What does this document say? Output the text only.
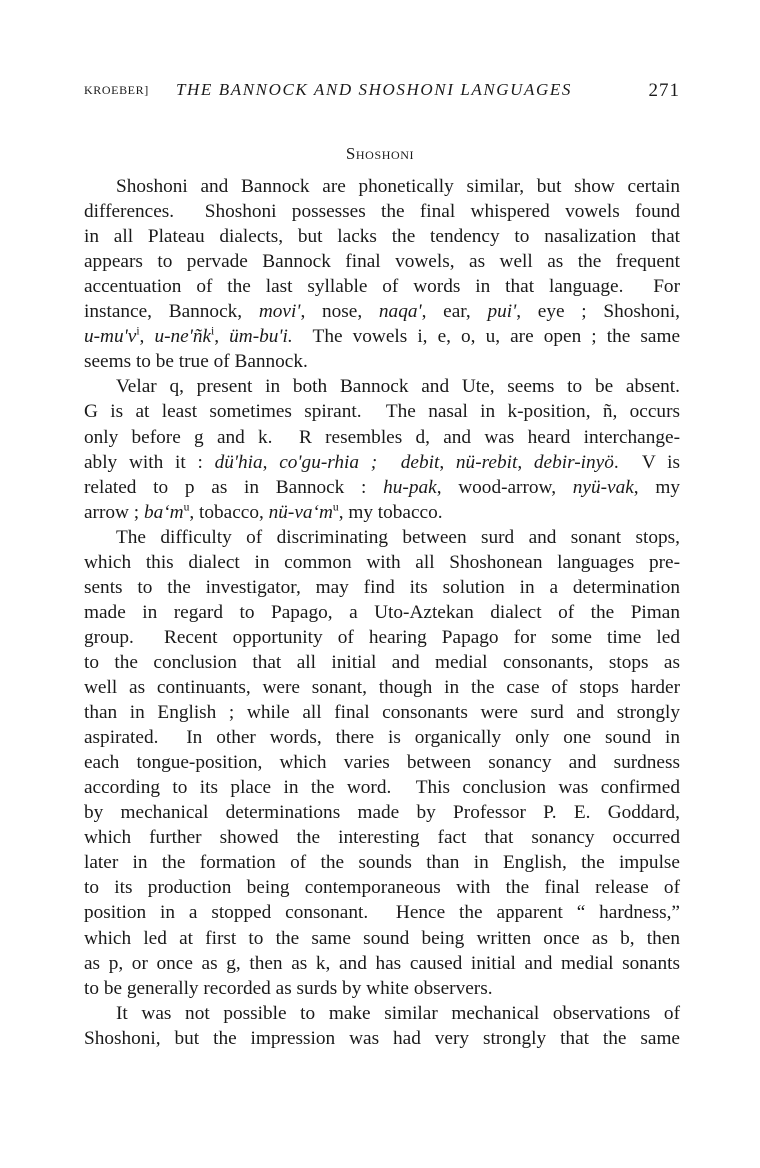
KROEBER] THE BANNOCK AND SHOSHONI LANGUAGES	271
Shoshoni
Shoshoni and Bannock are phonetically similar, but show certain
differences.  Shoshoni possesses the final whispered vowels found
in all Plateau dialects, but lacks the tendency to nasalization that
appears to pervade Bannock final vowels, as well as the frequent
accentuation of the last syllable of words in that language.  For
instance, Bannock, movi', nose, naqa', ear, pui', eye ; Shoshoni,
$u-mu'v^i$, $u-ne'ñk^i$, üm-bu'i.  The vowels i, e, o, u, are open ; the same
seems to be true of Bannock.
Velar q, present in both Bannock and Ute, seems to be absent.
G is at least sometimes spirant.  The nasal in k-position, ñ, occurs
only before g and k.  R resembles d, and was heard interchange-
ably with it : dü'hia, co'gu-rhia ;  debit, nü-rebit, debir-inyö.  V is
related to p as in Bannock : hu-pak, wood-arrow, nyü-vak, my
arrow ; baʻm$^u$, tobacco, nü-vaʻm$^u$, my tobacco.
The difficulty of discriminating between surd and sonant stops,
which this dialect in common with all Shoshonean languages pre-
sents to the investigator, may find its solution in a determination
made in regard to Papago, a Uto-Aztekan dialect of the Piman
group.  Recent opportunity of hearing Papago for some time led
to the conclusion that all initial and medial consonants, stops as
well as continuants, were sonant, though in the case of stops harder
than in English ; while all final consonants were surd and strongly
aspirated.  In other words, there is organically only one sound in
each tongue-position, which varies between sonancy and surdness
according to its place in the word.  This conclusion was confirmed
by mechanical determinations made by Professor P. E. Goddard,
which further showed the interesting fact that sonancy occurred
later in the formation of the sounds than in English, the impulse
to its production being contemporaneous with the final release of
position in a stopped consonant.  Hence the apparent “ hardness,”
which led at first to the same sound being written once as b, then
as p, or once as g, then as k, and has caused initial and medial sonants
to be generally recorded as surds by white observers.
It was not possible to make similar mechanical observations of
Shoshoni, but the impression was had very strongly that the same
